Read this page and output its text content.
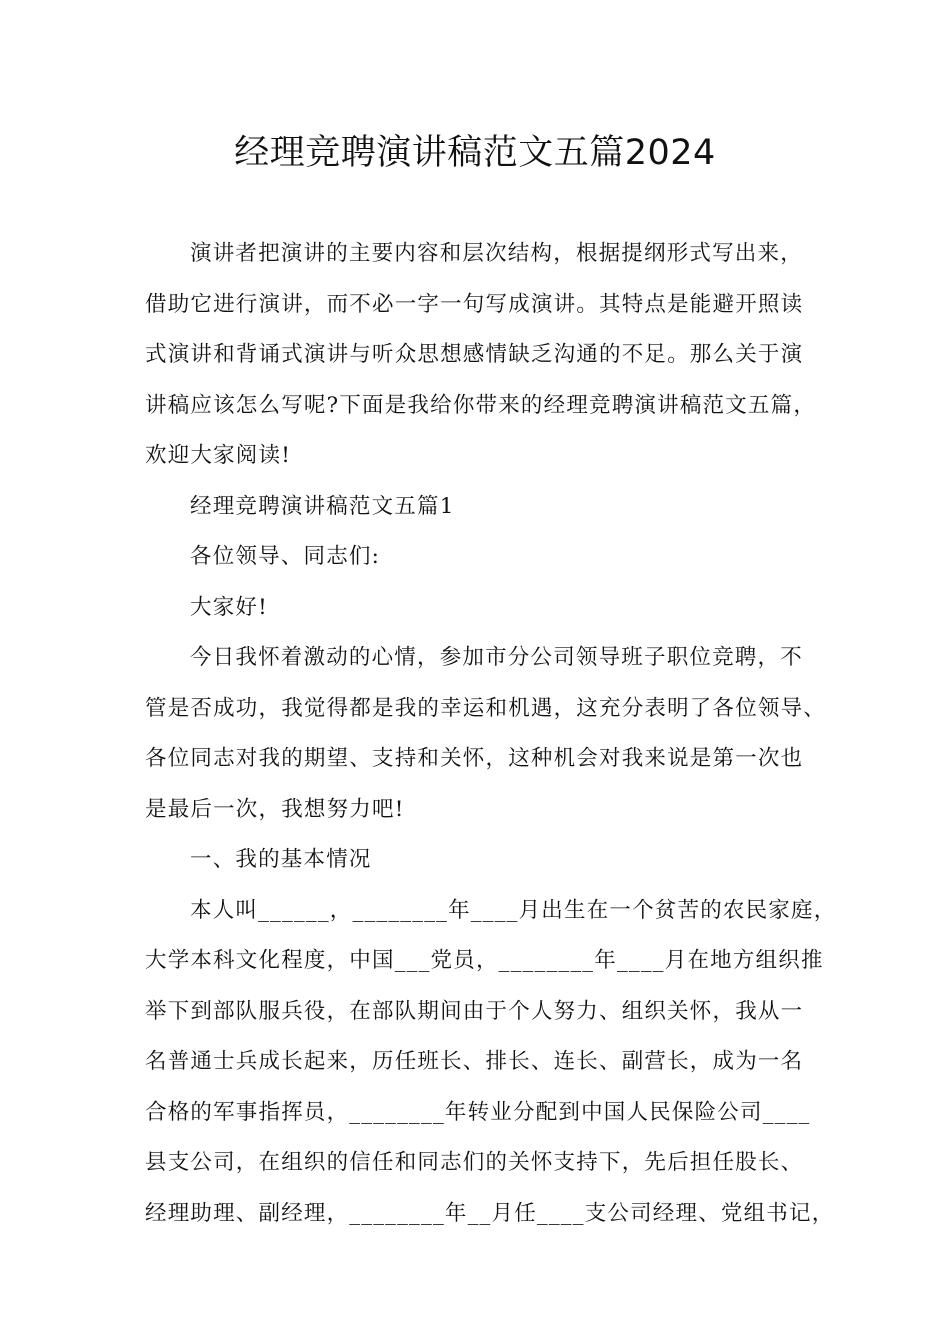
经理竞聘演讲稿范文五篇2024
演讲者把演讲的主要内容和层次结构，根据提纲形式写出来，
借助它进行演讲，而不必一字一句写成演讲。其特点是能避开照读
式演讲和背诵式演讲与听众思想感情缺乏沟通的不足。那么关于演
讲稿应该怎么写呢?下面是我给你带来的经理竞聘演讲稿范文五篇，
欢迎大家阅读!
经理竞聘演讲稿范文五篇1
各位领导、同志们:
大家好!
今日我怀着激动的心情，参加市分公司领导班子职位竞聘，不
管是否成功，我觉得都是我的幸运和机遇，这充分表明了各位领导、
各位同志对我的期望、支持和关怀，这种机会对我来说是第一次也
是最后一次，我想努力吧!
一、我的基本情况
本人叫______，________年____月出生在一个贫苦的农民家庭，
大学本科文化程度，中国___党员，________年____月在地方组织推
举下到部队服兵役，在部队期间由于个人努力、组织关怀，我从一
名普通士兵成长起来，历任班长、排长、连长、副营长，成为一名
合格的军事指挥员，________年转业分配到中国人民保险公司____
县支公司，在组织的信任和同志们的关怀支持下，先后担任股长、
经理助理、副经理，________年__月任____支公司经理、党组书记，
